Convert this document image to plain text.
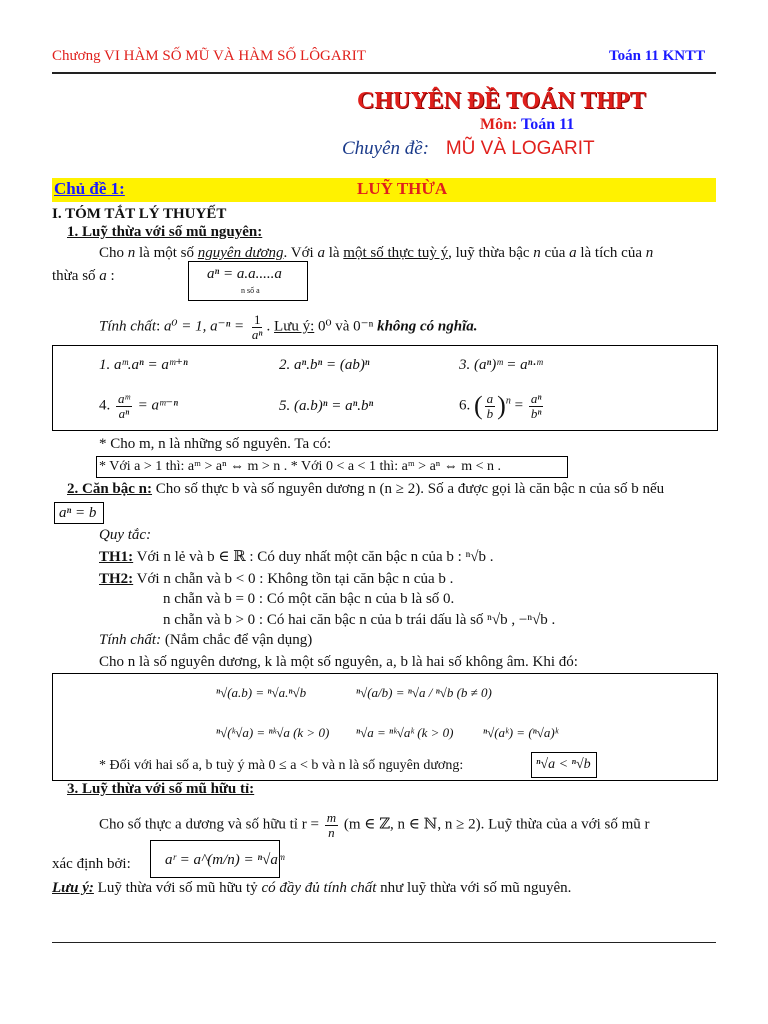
Chương VI HÀM SỐ MŨ VÀ HÀM SỐ LÔGARIT	Toán 11 KNTT
CHUYÊN ĐỀ TOÁN THPT
Môn: Toán 11
Chuyên đề: MŨ VÀ LOGARIT
Chủ đề 1:	LUỸ THỪA
I. TÓM TẮT LÝ THUYẾT
1. Luỹ thừa với số mũ nguyên:
Cho n là một số nguyên dương. Với a là một số thực tuỳ ý, luỹ thừa bậc n của a là tích của n
thừa số a :	aⁿ = a.a.....a
n số a
Tính chất: a⁰ = 1, $a^{-n} = \frac{1}{\text{aⁿ}}$ . Lưu ý: 0⁰ và 0⁻ⁿ không có nghĩa.
1. aᵐ.aⁿ = aᵐ⁺ⁿ	2. aⁿ.bⁿ = (ab)ⁿ	3. (aⁿ)ᵐ = aⁿ·ᵐ
4. $\frac{\text{aᵐ}}{\text{aⁿ}}$ = aᵐ⁻ⁿ	5. (a.b)ⁿ = aⁿ.bⁿ	6. ( $\frac{a}{b} )^n = \frac{\text{aⁿ}}{\text{bⁿ}}$
* Cho m, n là những số nguyên. Ta có:
* Với a > 1 thì: aᵐ > aⁿ ⇔ m > n . * Với 0 < a < 1 thì: aᵐ > aⁿ ⇔ m < n .
2. Căn bậc n: Cho số thực b và số nguyên dương n (n ≥ 2). Số a được gọi là căn bậc n của số b nếu
aⁿ = b
Quy tắc:
TH1: Với n lẻ và b ∈ ℝ : Có duy nhất một căn bậc n của b : ⁿ√b .
TH2: Với n chẵn và b < 0 : Không tồn tại căn bậc n của b .
n chẵn và b = 0 : Có một căn bậc n của b là số 0.
n chẵn và b > 0 : Có hai căn bậc n của b trái dấu là số ⁿ√b , −ⁿ√b .
Tính chất: (Nắm chắc để vận dụng)
Cho n là số nguyên dương, k là một số nguyên, a, b là hai số không âm. Khi đó:
ⁿ√(a.b) = ⁿ√a.ⁿ√b	ⁿ√(a/b) = ⁿ√a / ⁿ√b (b ≠ 0)
ⁿ√(ᵏ√a) = ⁿᵏ√a (k > 0) ⁿ√a = ⁿᵏ√aᵏ (k > 0) ⁿ√(aᵏ) = (ⁿ√a)ᵏ
* Đối với hai số a, b tuỳ ý mà 0 ≤ a < b và n là số nguyên dương:	ⁿ√a < ⁿ√b
3. Luỹ thừa với số mũ hữu tỉ:
Cho số thực a dương và số hữu tỉ $r = \frac{m}{n} (m$ ∈ ℤ, n ∈ ℕ, n ≥ 2). Luỹ thừa của a với số mũ r
xác định bởi: aʳ = a^(m/n) = ⁿ√aᵐ
Lưu ý: Luỹ thừa với số mũ hữu tỷ có đầy đủ tính chất như luỹ thừa với số mũ nguyên.
